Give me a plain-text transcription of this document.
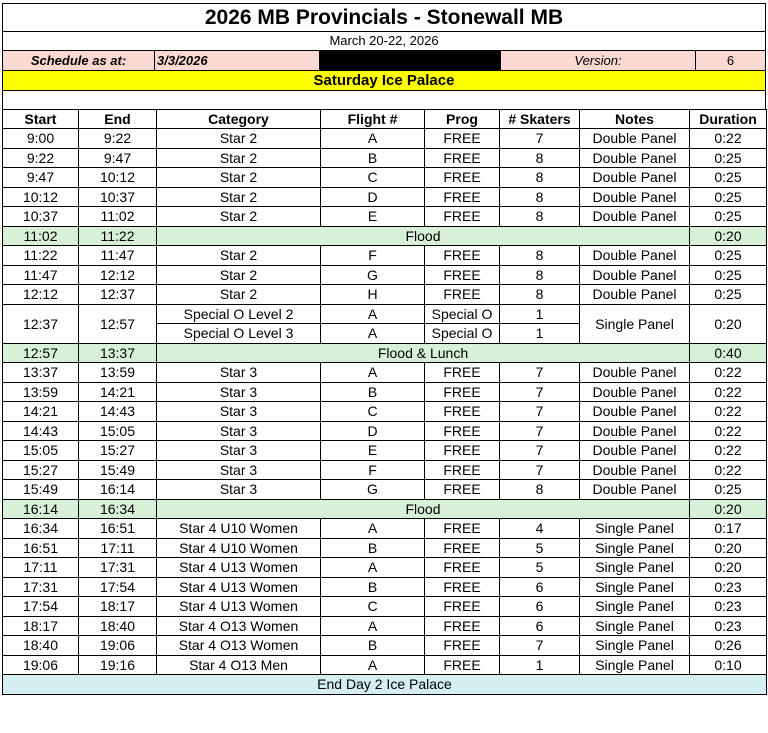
2026 MB Provincials - Stonewall MB
March 20-22, 2026
Schedule as at:	3/3/2026	Version:	6
Saturday Ice Palace
Start	End	Category	Flight #	Prog	# Skaters	Notes	Duration
9:00	9:22	Star 2	A	FREE	7	Double Panel	0:22
9:22	9:47	Star 2	B	FREE	8	Double Panel	0:25
9:47	10:12	Star 2	C	FREE	8	Double Panel	0:25
10:12	10:37	Star 2	D	FREE	8	Double Panel	0:25
10:37	11:02	Star 2	E	FREE	8	Double Panel	0:25
11:02	11:22	Flood					0:20
11:22	11:47	Star 2	F	FREE	8	Double Panel	0:25
11:47	12:12	Star 2	G	FREE	8	Double Panel	0:25
12:12	12:37	Star 2	H	FREE	8	Double Panel	0:25
12:37	12:57	Special O Level 2	A	Special O	1	Single Panel	0:20
		Special O Level 3	A	Special O	1		
12:57	13:37	Flood & Lunch					0:40
13:37	13:59	Star 3	A	FREE	7	Double Panel	0:22
13:59	14:21	Star 3	B	FREE	7	Double Panel	0:22
14:21	14:43	Star 3	C	FREE	7	Double Panel	0:22
14:43	15:05	Star 3	D	FREE	7	Double Panel	0:22
15:05	15:27	Star 3	E	FREE	7	Double Panel	0:22
15:27	15:49	Star 3	F	FREE	7	Double Panel	0:22
15:49	16:14	Star 3	G	FREE	8	Double Panel	0:25
16:14	16:34	Flood					0:20
16:34	16:51	Star 4 U10 Women	A	FREE	4	Single Panel	0:17
16:51	17:11	Star 4 U10 Women	B	FREE	5	Single Panel	0:20
17:11	17:31	Star 4 U13 Women	A	FREE	5	Single Panel	0:20
17:31	17:54	Star 4 U13 Women	B	FREE	6	Single Panel	0:23
17:54	18:17	Star 4 U13 Women	C	FREE	6	Single Panel	0:23
18:17	18:40	Star 4 O13 Women	A	FREE	6	Single Panel	0:23
18:40	19:06	Star 4 O13 Women	B	FREE	7	Single Panel	0:26
19:06	19:16	Star 4 O13 Men	A	FREE	1	Single Panel	0:10
End Day 2 Ice Palace							
